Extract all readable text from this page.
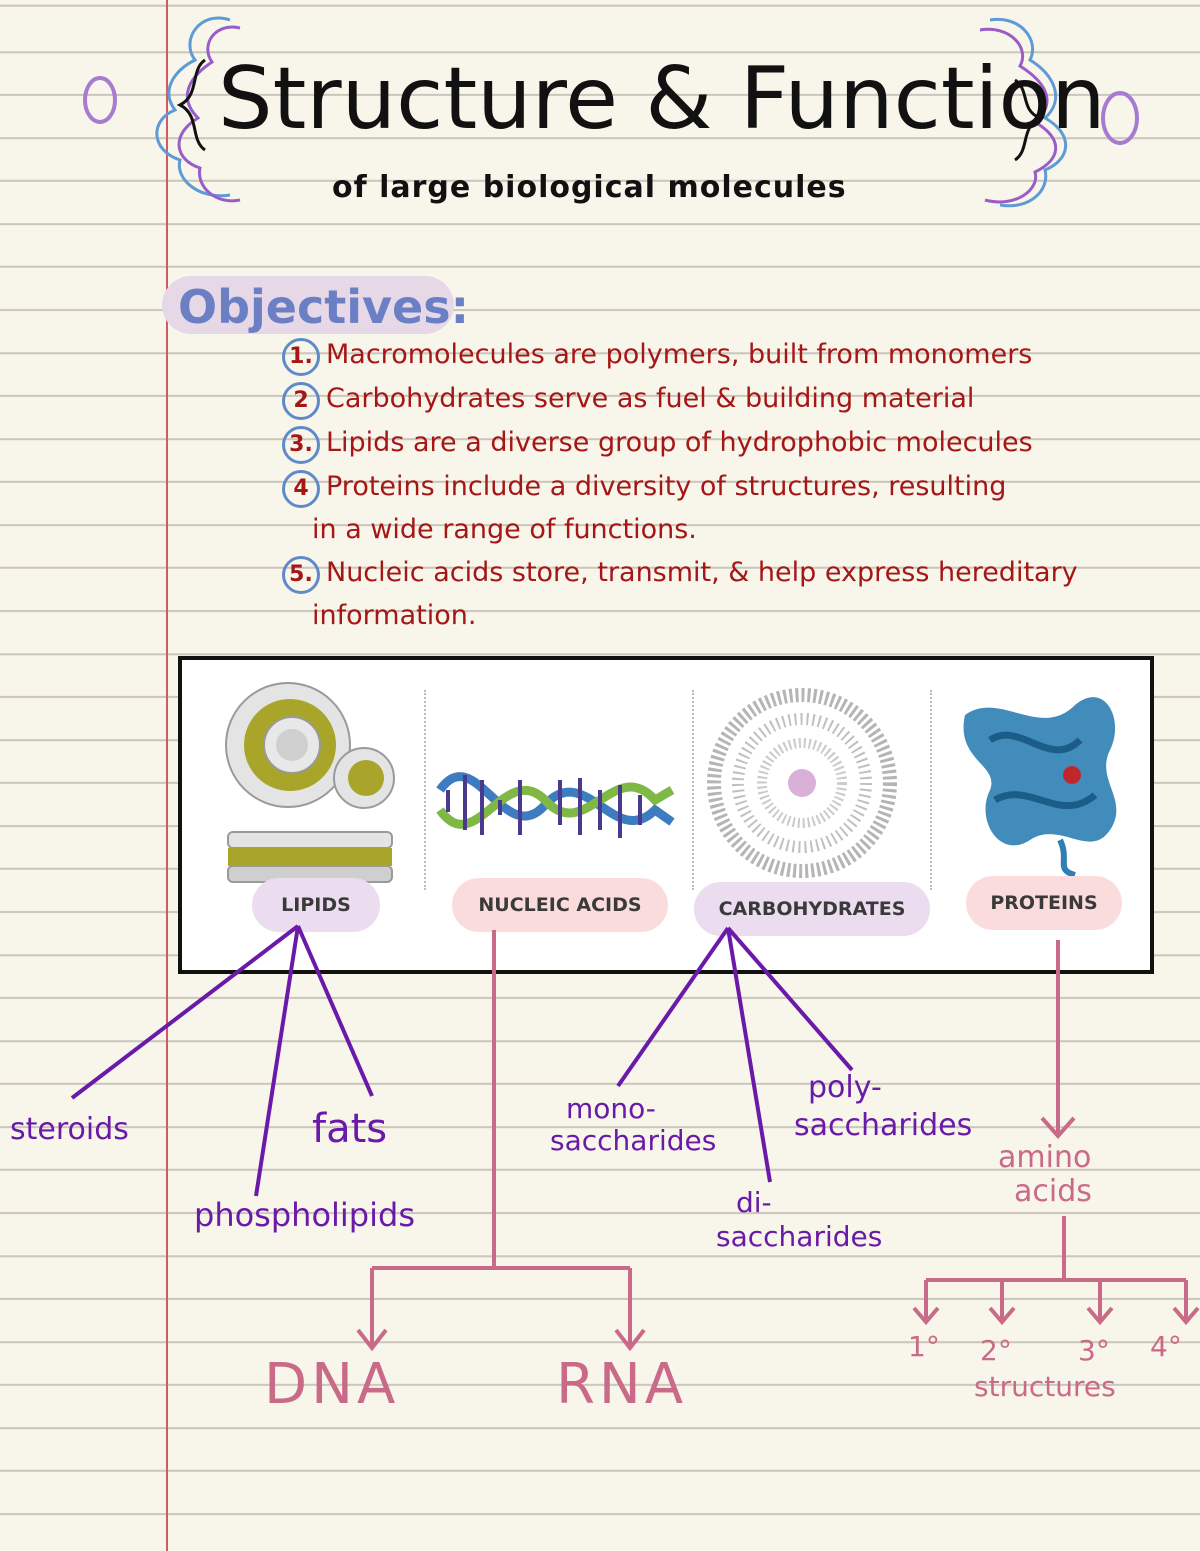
Structure & Function
of large biological molecules
Objectives:
1. Macromolecules are polymers, built from monomers
2 Carbohydrates serve as fuel & building material
3. Lipids are a diverse group of hydrophobic molecules
4 Proteins include a diversity of structures, resulting
in a wide range of functions.
5. Nucleic acids store, transmit, & help express hereditary
information.
LIPIDS	NUCLEIC ACIDS	CARBOHYDRATES	PROTEINS
steroids
phospholipids
fats
DNA	RNA
mono-
saccharides
di-
saccharides
poly-
saccharides
amino
acids
1° 2° 3° 4°
structures
